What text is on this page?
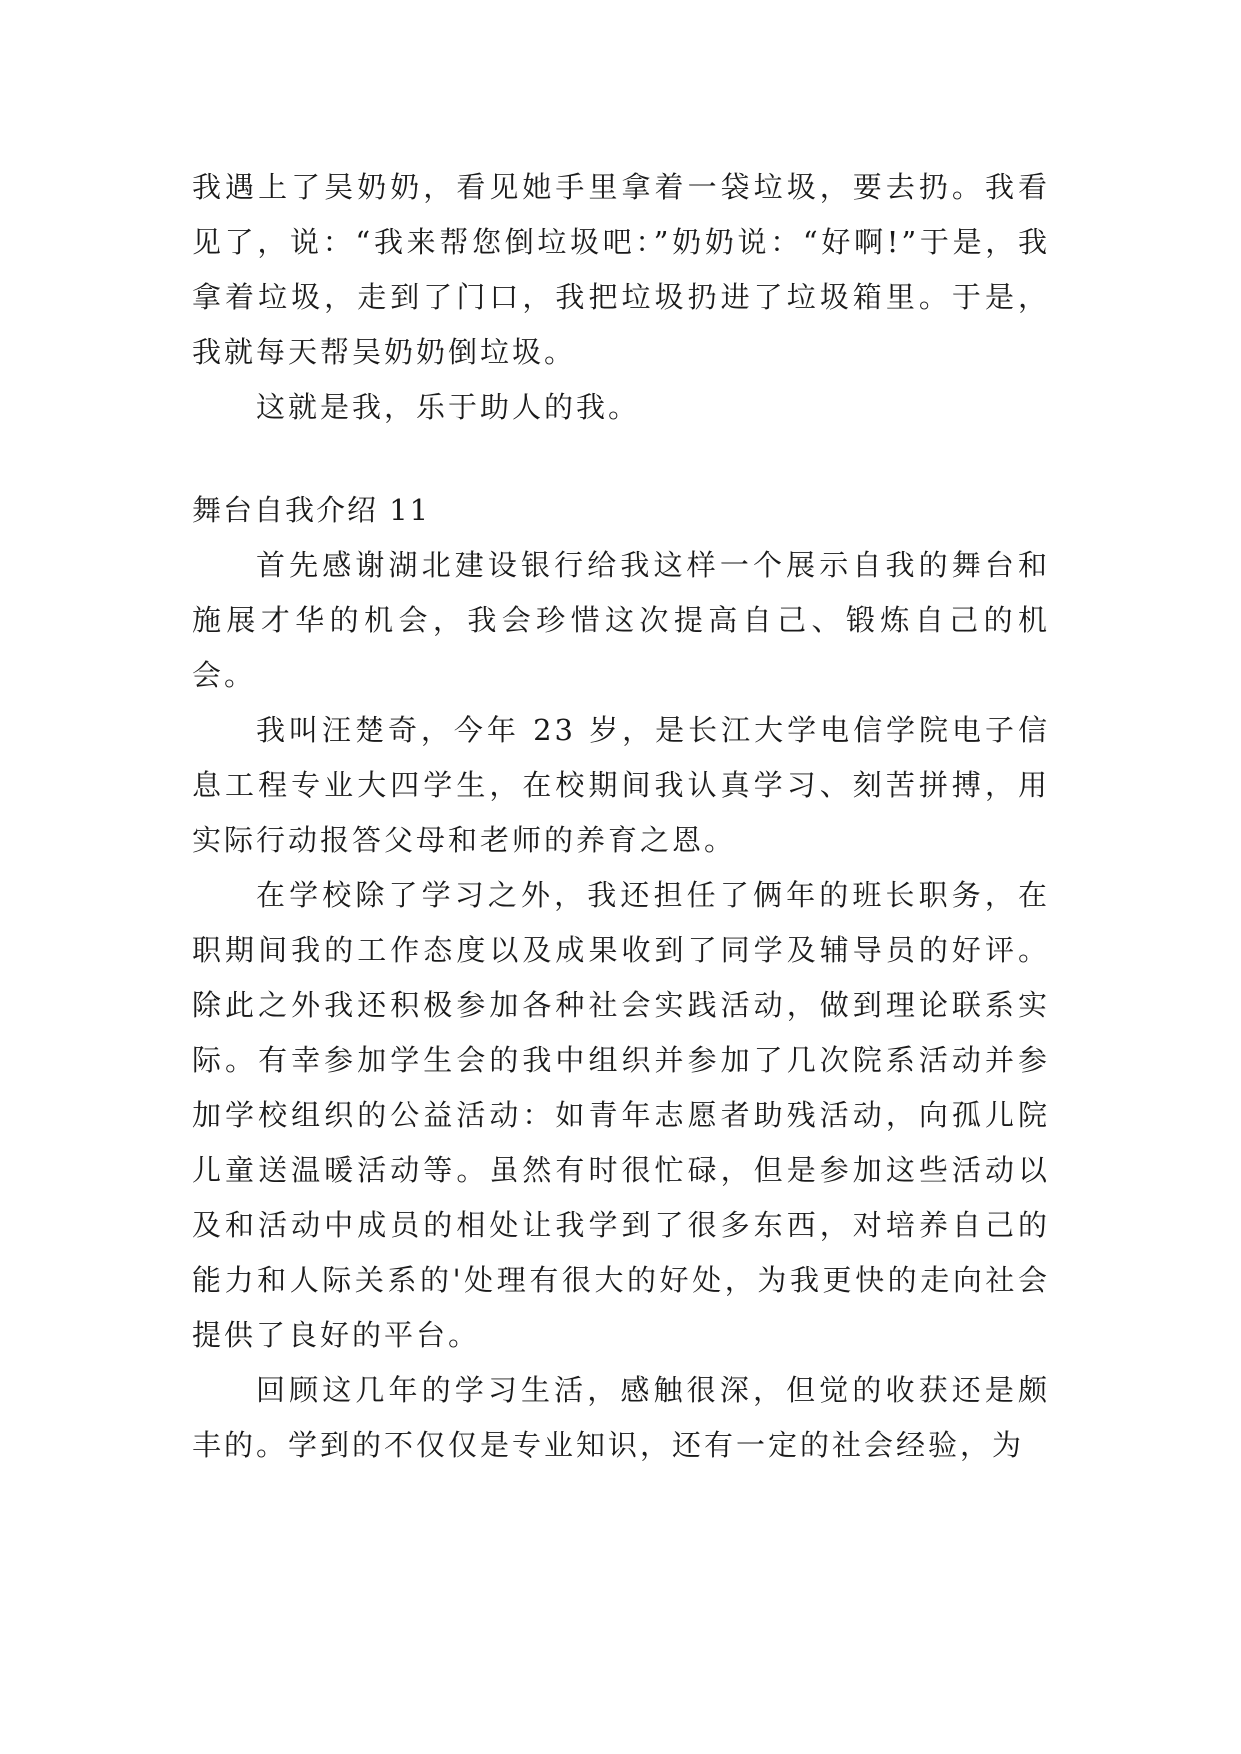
我遇上了吴奶奶，看见她手里拿着一袋垃圾，要去扔。我看见了，说：“我来帮您倒垃圾吧：”奶奶说：“好啊!”于是，我拿着垃圾，走到了门口，我把垃圾扔进了垃圾箱里。于是，我就每天帮吴奶奶倒垃圾。

这就是我，乐于助人的我。

舞台自我介绍 11

首先感谢湖北建设银行给我这样一个展示自我的舞台和施展才华的机会，我会珍惜这次提高自己、锻炼自己的机会。

我叫汪楚奇，今年 23 岁，是长江大学电信学院电子信息工程专业大四学生，在校期间我认真学习、刻苦拼搏，用实际行动报答父母和老师的养育之恩。

在学校除了学习之外，我还担任了俩年的班长职务，在职期间我的工作态度以及成果收到了同学及辅导员的好评。除此之外我还积极参加各种社会实践活动，做到理论联系实际。有幸参加学生会的我中组织并参加了几次院系活动并参加学校组织的公益活动：如青年志愿者助残活动，向孤儿院儿童送温暖活动等。虽然有时很忙碌，但是参加这些活动以及和活动中成员的相处让我学到了很多东西，对培养自己的能力和人际关系的'处理有很大的好处，为我更快的走向社会提供了良好的平台。

回顾这几年的学习生活，感触很深，但觉的收获还是颇丰的。学到的不仅仅是专业知识，还有一定的社会经验，为
